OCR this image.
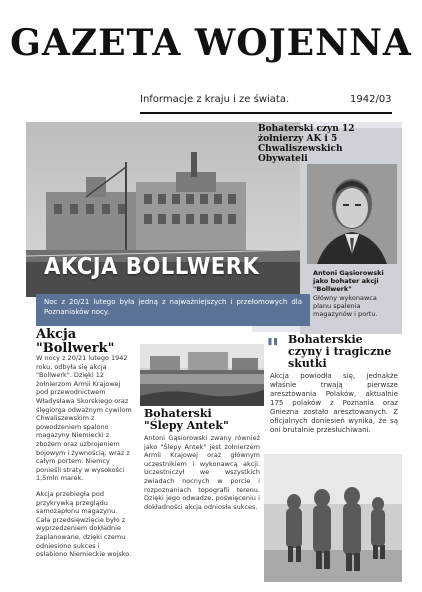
GAZETA WOJENNA
Informacje z kraju i ze świata.	1942/03
AKCJA BOLLWERK
Noc z 20/21 lutego była jedną z najważniejszych i przełomowych dla Poznaniaków nocy.
Bohaterski czyn 12 żołnierzy AK i 5 Chwaliszewskich Obywateli
Antoni Gąsiorowski jako bohater akcji "Bollwerk"
Główny wykonawca planu spalenia magazynów i portu.
Akcja "Bollwerk"
W nocy z 20/21 lutego 1942 roku, odbyła się akcja "Bollwerk". Dzięki 12 żołnierzom Armii Krajowej pod przewodnictwem Władysława Skorskiego oraz ślęgiorga odważnym cywilom Chwaliszewskim z powodzeniem spalono magazyny Niemiecki z zbożem oraz uzbrojeniem bojowym i żywnością, wraz z całym portem. Niemcy ponieśli straty w wysokości 1,5mln marek.
Akcja przebiegła pod przykrywką przeglądu samozapłonu magazynu. Cała przedsięwzięcie było z wyprzedzeniem dokładnie zaplanowane, dzięki czemu odniesiono sukces i osłabiono Niemieckie wojsko.
Bohaterski "Ślepy Antek"
Antoni Gąsiorowski zwany również jako "Ślepy Antek" jest żołnierzem Armii Krajowej oraz głównym uczestnikiem i wykonawcą akcji. Uczestniczył we wszystkich zwiadach nocnych w porcie i rozpoznaniach topografii terenu. Dzięki jego odwadze, poświęceniu i dokładności akcja odniosła sukces.
" Bohaterskie czyny i tragiczne skutki
Akcja powiodła się, jednakże właśnie trwają pierwsze aresztowania Polaków, aktualnie 175 polaków z Poznania oraz Gniezna zostało aresztowanych. Z oficjalnych doniesień wynika, że są oni brutalnie przesłuchiwani.
